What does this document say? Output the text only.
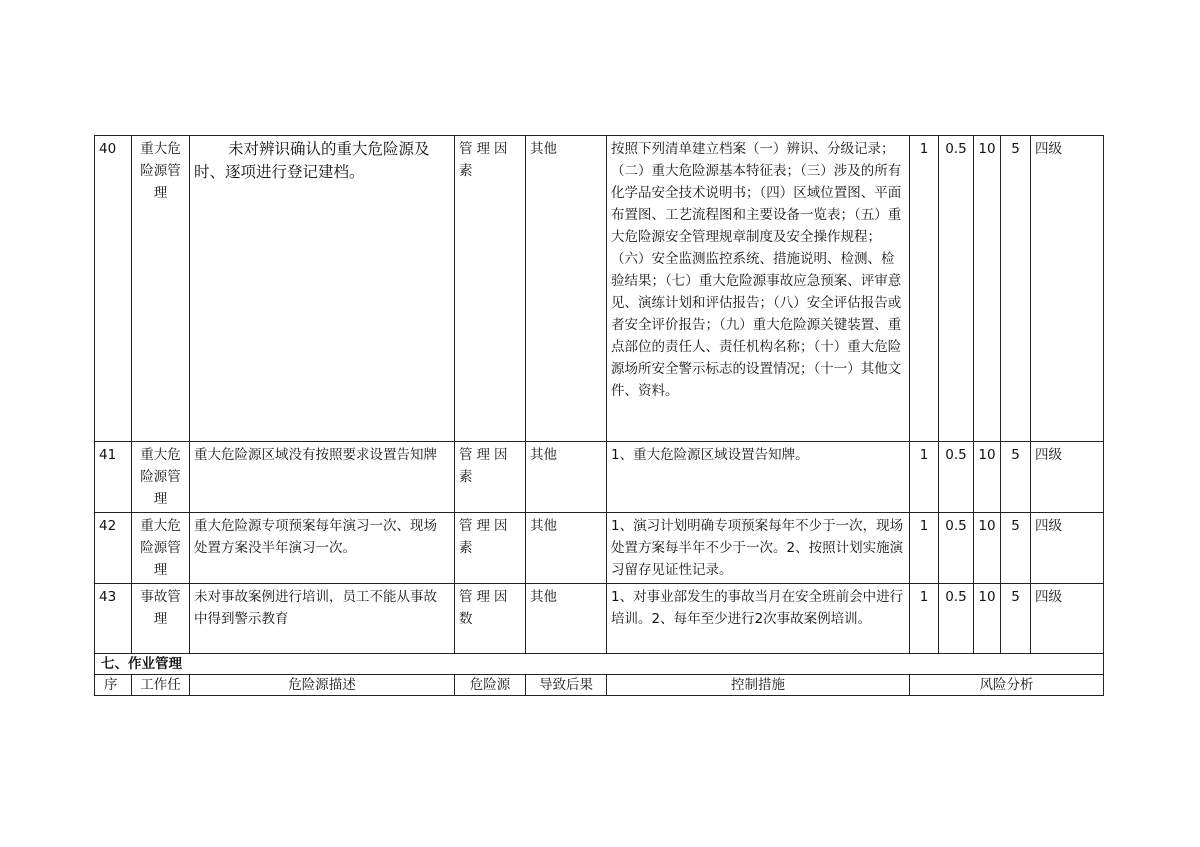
40	重大危险源管理	未对辨识确认的重大危险源及时、逐项进行登记建档。	管理因素	其他	按照下列清单建立档案（一）辨识、分级记录；（二）重大危险源基本特征表；（三）涉及的所有化学品安全技术说明书；（四）区域位置图、平面布置图、工艺流程图和主要设备一览表；（五）重大危险源安全管理规章制度及安全操作规程；（六）安全监测监控系统、措施说明、检测、检验结果；（七）重大危险源事故应急预案、评审意见、演练计划和评估报告；（八）安全评估报告或者安全评价报告；（九）重大危险源关键装置、重点部位的责任人、责任机构名称；（十）重大危险源场所安全警示标志的设置情况；（十一）其他文件、资料。	1	0.5	10	5	四级
41	重大危险源管理	重大危险源区域没有按照要求设置告知牌	管理因素	其他	1、重大危险源区域设置告知牌。	1	0.5	10	5	四级
42	重大危险源管理	重大危险源专项预案每年演习一次、现场处置方案没半年演习一次。	管理因素	其他	1、演习计划明确专项预案每年不少于一次，现场处置方案每半年不少于一次。2、按照计划实施演习留存见证性记录。	1	0.5	10	5	四级
43	事故管理	未对事故案例进行培训，员工不能从事故中得到警示教育	管理因数	其他	1、对事业部发生的事故当月在安全班前会中进行培训。2、每年至少进行2次事故案例培训。	1	0.5	10	5	四级
七、作业管理										
序	工作任	危险源描述	危险源	导致后果	控制措施	风险分析				
